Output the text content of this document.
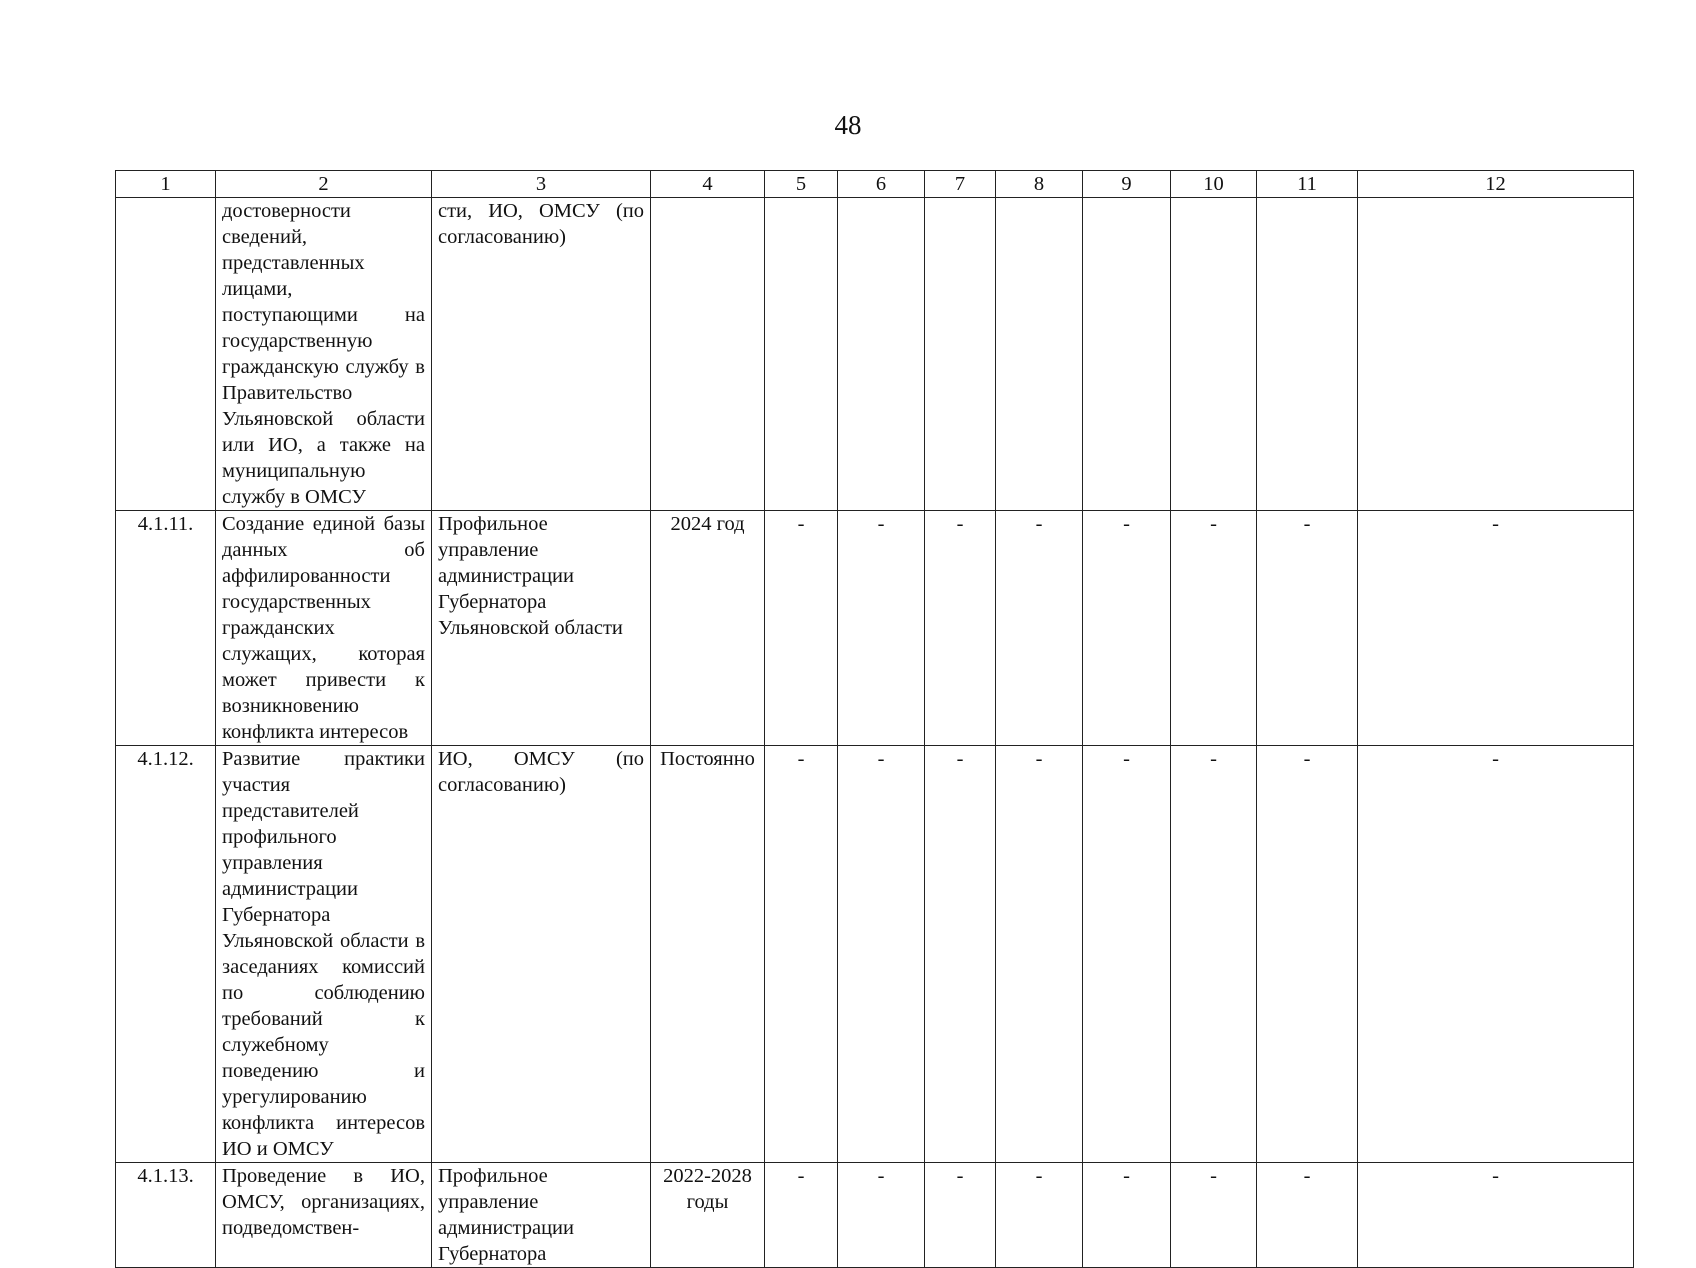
48
1	2	3	4	5	6	7	8	9	10	11	12
	достоверности сведений, представленных лицами, поступающими на государственную гражданскую службу в Правительство Ульяновской области или ИО, а также на муниципальную службу в ОМСУ	сти, ИО, ОМСУ (по согласованию)									
4.1.11.	Создание единой базы данных об аффилированности государственных гражданских служащих, которая может привести к возникновению конфликта интересов	Профильное управление администрации Губернатора Ульяновской области	2024 год	-	-	-	-	-	-	-	-
4.1.12.	Развитие практики участия представителей профильного управления администрации Губернатора Ульяновской области в заседаниях комиссий по соблюдению требований к служебному поведению и урегулированию конфликта интересов ИО и ОМСУ	ИО, ОМСУ (по согласованию)	Постоянно	-	-	-	-	-	-	-	-
4.1.13.	Проведение в ИО, ОМСУ, организациях, подведомствен-	Профильное управление администрации Губернатора	2022-2028 годы	-	-	-	-	-	-	-	-
